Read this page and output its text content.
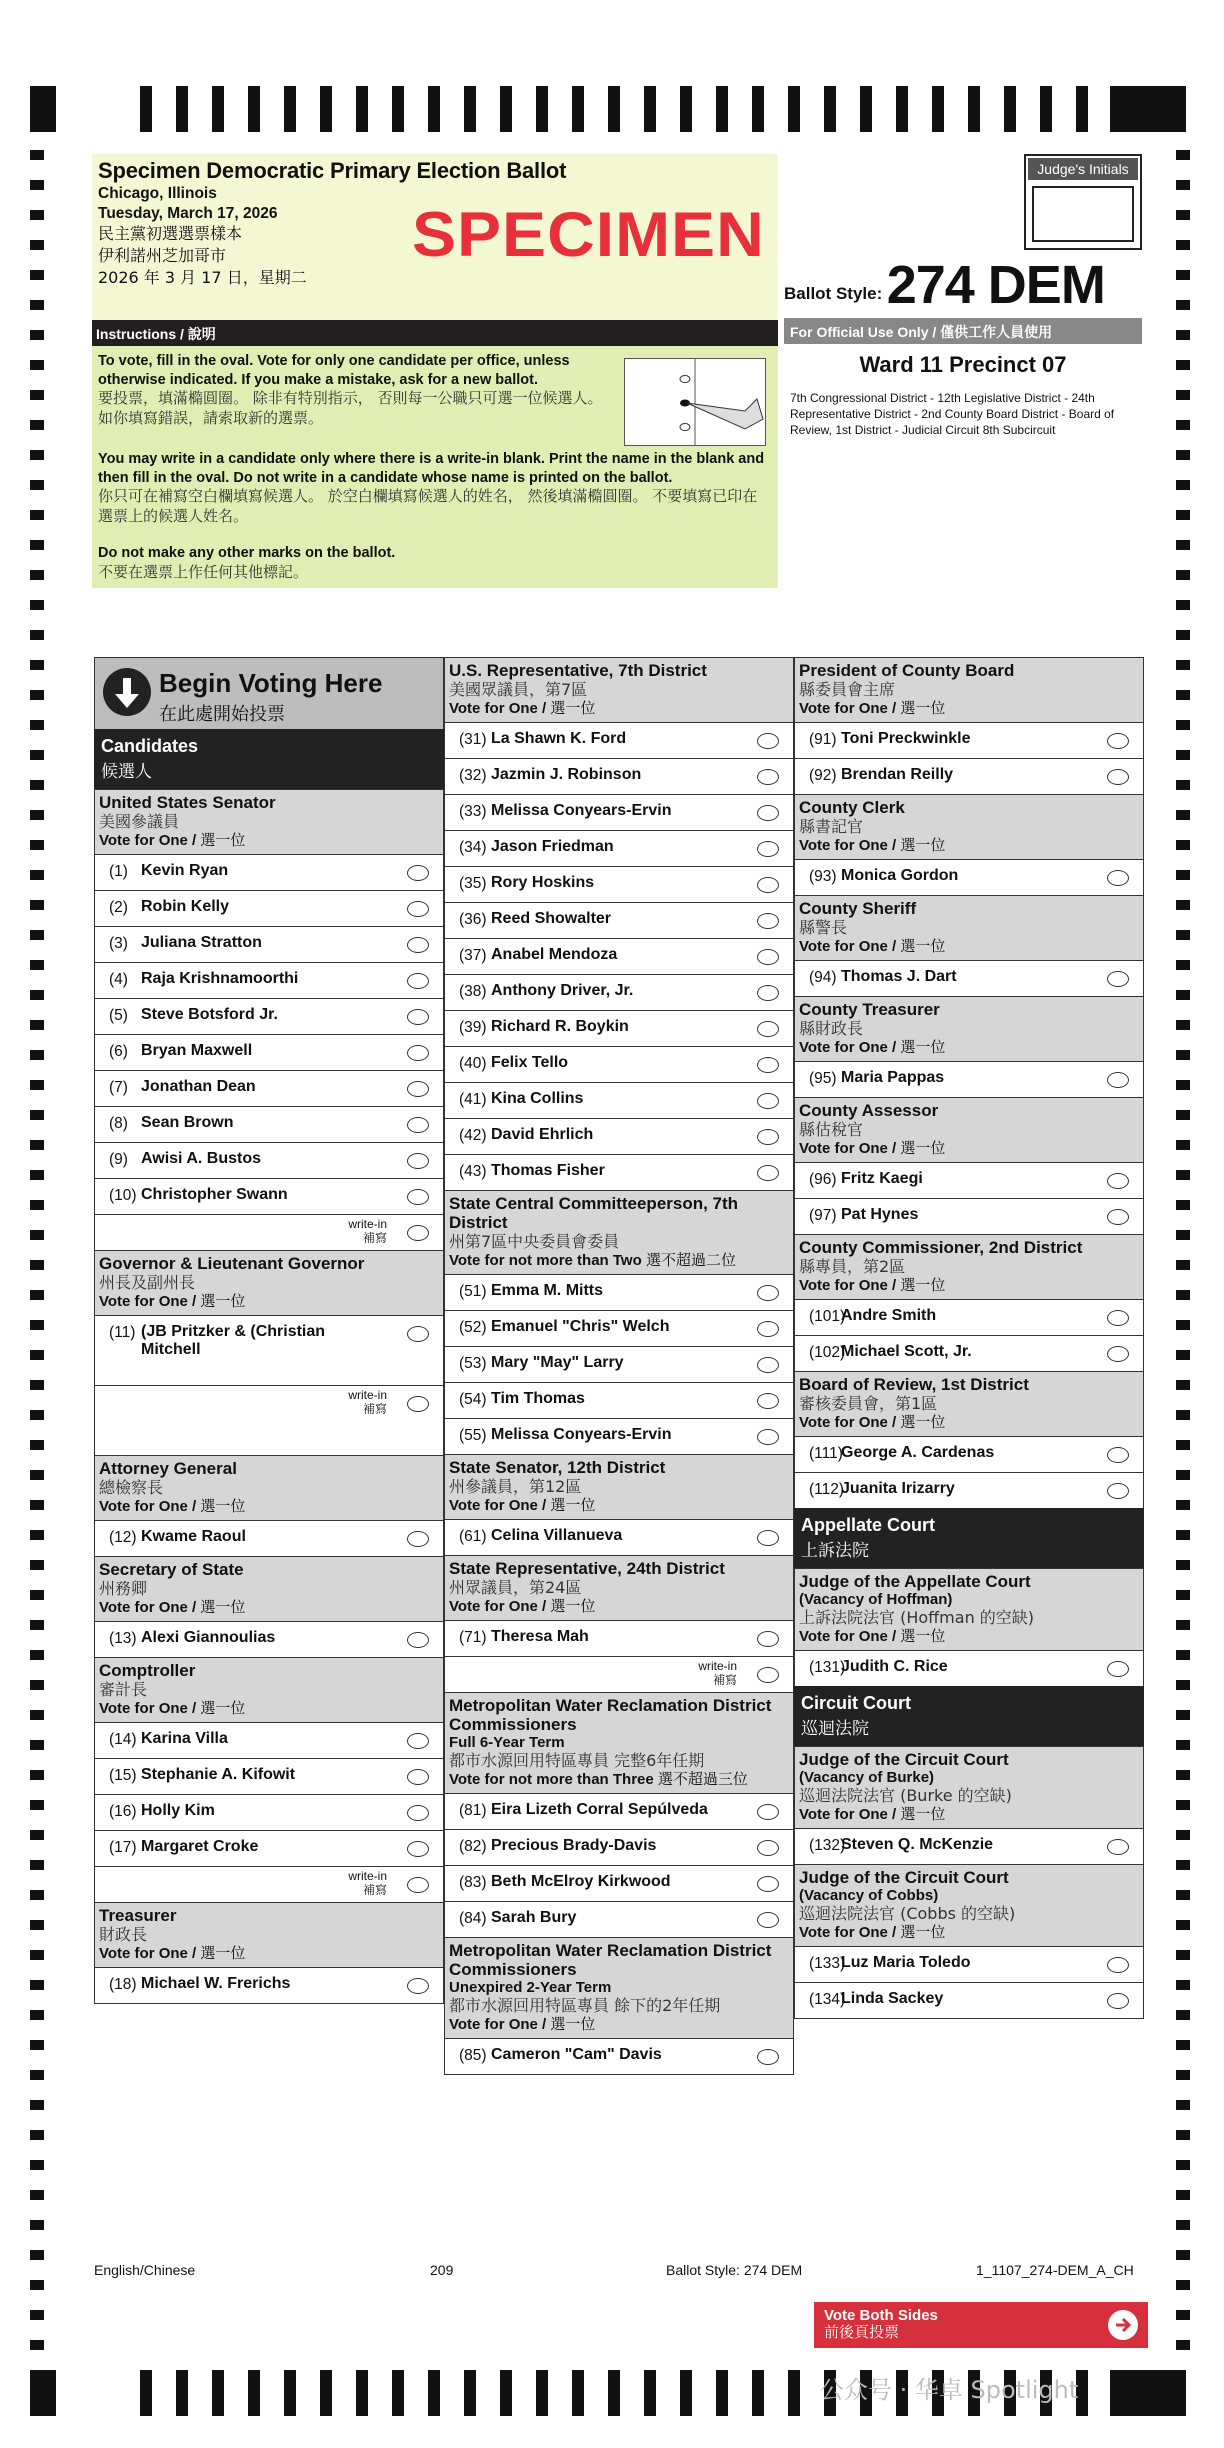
Specimen Democratic Primary Election Ballot
Chicago, Illinois
Tuesday, March 17, 2026
民主黨初選選票樣本
伊利諾州芝加哥市
2026 年 3 月 17 日，星期二
Instructions / 說明
To vote, fill in the oval. Vote for only one candidate per office, unless otherwise indicated. If you make a mistake, ask for a new ballot.
要投票，填滿橢圓圈。 除非有特別指示， 否則每一公職只可選一位候選人。 如你填寫錯誤，請索取新的選票。
You may write in a candidate only where there is a write-in blank. Print the name in the blank and then fill in the oval. Do not write in a candidate whose name is printed on the ballot.
你只可在補寫空白欄填寫候選人。 於空白欄填寫候選人的姓名， 然後填滿橢圓圈。 不要填寫已印在選票上的候選人姓名。
Do not make any other marks on the ballot.
不要在選票上作任何其他標記。
SPECIMEN
Judge's Initials
Ballot Style: 274 DEM
For Official Use Only / 僅供工作人員使用
Ward 11 Precinct 07
7th Congressional District - 12th Legislative District - 24th Representative District - 2nd County Board District - Board of Review, 1st District - Judicial Circuit 8th Subcircuit
Begin Voting Here
在此處開始投票
Candidates
候選人
United States Senator
美國參議員
Vote for One / 選一位
(1) Kevin Ryan
(2) Robin Kelly
(3) Juliana Stratton
(4) Raja Krishnamoorthi
(5) Steve Botsford Jr.
(6) Bryan Maxwell
(7) Jonathan Dean
(8) Sean Brown
(9) Awisi A. Bustos
(10) Christopher Swann
write-in
補寫
Governor & Lieutenant Governor
州長及副州長
Vote for One / 選一位
(11) (JB Pritzker & (Christian Mitchell
write-in
補寫
Attorney General
總檢察長
Vote for One / 選一位
(12) Kwame Raoul
Secretary of State
州務卿
Vote for One / 選一位
(13) Alexi Giannoulias
Comptroller
審計長
Vote for One / 選一位
(14) Karina Villa
(15) Stephanie A. Kifowit
(16) Holly Kim
(17) Margaret Croke
write-in
補寫
Treasurer
財政長
Vote for One / 選一位
(18) Michael W. Frerichs
U.S. Representative, 7th District
美國眾議員，第7區
Vote for One / 選一位
(31) La Shawn K. Ford
(32) Jazmin J. Robinson
(33) Melissa Conyears-Ervin
(34) Jason Friedman
(35) Rory Hoskins
(36) Reed Showalter
(37) Anabel Mendoza
(38) Anthony Driver, Jr.
(39) Richard R. Boykin
(40) Felix Tello
(41) Kina Collins
(42) David Ehrlich
(43) Thomas Fisher
State Central Committeeperson, 7th District
州第7區中央委員會委員
Vote for not more than Two 選不超過二位
(51) Emma M. Mitts
(52) Emanuel "Chris" Welch
(53) Mary "May" Larry
(54) Tim Thomas
(55) Melissa Conyears-Ervin
State Senator, 12th District
州參議員，第12區
Vote for One / 選一位
(61) Celina Villanueva
State Representative, 24th District
州眾議員，第24區
Vote for One / 選一位
(71) Theresa Mah
write-in
補寫
Metropolitan Water Reclamation District Commissioners
Full 6-Year Term
都市水源回用特區專員 完整6年任期
Vote for not more than Three 選不超過三位
(81) Eira Lizeth Corral Sepúlveda
(82) Precious Brady-Davis
(83) Beth McElroy Kirkwood
(84) Sarah Bury
Metropolitan Water Reclamation District Commissioners
Unexpired 2-Year Term
都市水源回用特區專員 餘下的2年任期
Vote for One / 選一位
(85) Cameron "Cam" Davis
President of County Board
縣委員會主席
Vote for One / 選一位
(91) Toni Preckwinkle
(92) Brendan Reilly
County Clerk
縣書記官
Vote for One / 選一位
(93) Monica Gordon
County Sheriff
縣警長
Vote for One / 選一位
(94) Thomas J. Dart
County Treasurer
縣財政長
Vote for One / 選一位
(95) Maria Pappas
County Assessor
縣估稅官
Vote for One / 選一位
(96) Fritz Kaegi
(97) Pat Hynes
County Commissioner, 2nd District
縣專員，第2區
Vote for One / 選一位
(101)
Andre Smith
(102)
Michael Scott, Jr.
Board of Review, 1st District
審核委員會，第1區
Vote for One / 選一位
(111)
George A. Cardenas
(112)
Juanita Irizarry
Appellate Court
上訴法院
Judge of the Appellate Court
(Vacancy of Hoffman)
上訴法院法官 (Hoffman 的空缺)
Vote for One / 選一位
(131)
Judith C. Rice
Circuit Court
巡迴法院
Judge of the Circuit Court
(Vacancy of Burke)
巡迴法院法官 (Burke 的空缺)
Vote for One / 選一位
(132)
Steven Q. McKenzie
Judge of the Circuit Court
(Vacancy of Cobbs)
巡迴法院法官 (Cobbs 的空缺)
Vote for One / 選一位
(133)
Luz Maria Toledo
(134)
Linda Sackey
English/Chinese	209	Ballot Style: 274 DEM	1_1107_274-DEM_A_CH
Vote Both Sides
前後頁投票
公众号 · 华卓 Spotlight
1 / 1
